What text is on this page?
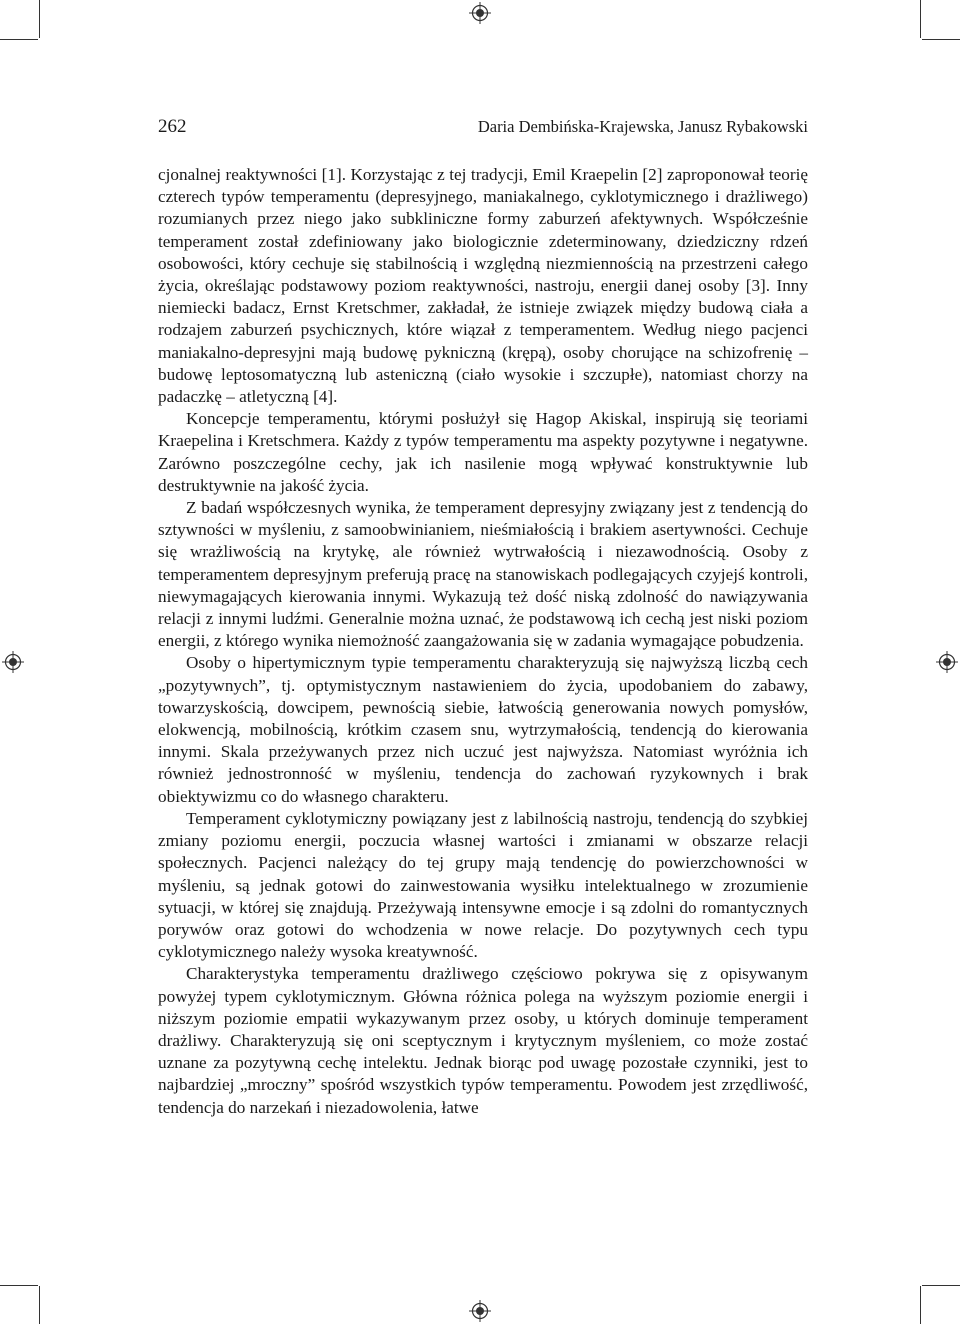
262	Daria Dembińska-Krajewska, Janusz Rybakowski

cjonalnej reaktywności [1]. Korzystając z tej tradycji, Emil Kraepelin [2] zaproponował teorię czterech typów temperamentu (depresyjnego, maniakalnego, cyklotymicznego i drażliwego) rozumianych przez niego jako subkliniczne formy zaburzeń afektywnych. Współcześnie temperament został zdefiniowany jako biologicznie zdeterminowany, dziedziczny rdzeń osobowości, który cechuje się stabilnością i względną niezmiennością na przestrzeni całego życia, określając podstawowy poziom reaktywności, nastroju, energii danej osoby [3]. Inny niemiecki badacz, Ernst Kretschmer, zakładał, że istnieje związek między budową ciała a rodzajem zaburzeń psychicznych, które wiązał z temperamentem. Według niego pacjenci maniakalno-depresyjni mają budowę pykniczną (krępą), osoby chorujące na schizofrenię – budowę leptosomatyczną lub asteniczną (ciało wysokie i szczupłe), natomiast chorzy na padaczkę – atletyczną [4].

Koncepcje temperamentu, którymi posłużył się Hagop Akiskal, inspirują się teoriami Kraepelina i Kretschmera. Każdy z typów temperamentu ma aspekty pozytywne i negatywne. Zarówno poszczególne cechy, jak ich nasilenie mogą wpływać konstruktywnie lub destruktywnie na jakość życia.

Z badań współczesnych wynika, że temperament depresyjny związany jest z tendencją do sztywności w myśleniu, z samoobwinianiem, nieśmiałością i brakiem asertywności. Cechuje się wrażliwością na krytykę, ale również wytrwałością i niezawodnością. Osoby z temperamentem depresyjnym preferują pracę na stanowiskach podlegających czyjejś kontroli, niewymagających kierowania innymi. Wykazują też dość niską zdolność do nawiązywania relacji z innymi ludźmi. Generalnie można uznać, że podstawową ich cechą jest niski poziom energii, z którego wynika niemożność zaangażowania się w zadania wymagające pobudzenia.

Osoby o hipertymicznym typie temperamentu charakteryzują się najwyższą liczbą cech „pozytywnych”, tj. optymistycznym nastawieniem do życia, upodobaniem do zabawy, towarzyskością, dowcipem, pewnością siebie, łatwością generowania nowych pomysłów, elokwencją, mobilnością, krótkim czasem snu, wytrzymałością, tendencją do kierowania innymi. Skala przeżywanych przez nich uczuć jest najwyższa. Natomiast wyróżnia ich również jednostronność w myśleniu, tendencja do zachowań ryzykownych i brak obiektywizmu co do własnego charakteru.

Temperament cyklotymiczny powiązany jest z labilnością nastroju, tendencją do szybkiej zmiany poziomu energii, poczucia własnej wartości i zmianami w obszarze relacji społecznych. Pacjenci należący do tej grupy mają tendencję do powierzchowności w myśleniu, są jednak gotowi do zainwestowania wysiłku intelektualnego w zrozumienie sytuacji, w której się znajdują. Przeżywają intensywne emocje i są zdolni do romantycznych porywów oraz gotowi do wchodzenia w nowe relacje. Do pozytywnych cech typu cyklotymicznego należy wysoka kreatywność.

Charakterystyka temperamentu drażliwego częściowo pokrywa się z opisywanym powyżej typem cyklotymicznym. Główna różnica polega na wyższym poziomie energii i niższym poziomie empatii wykazywanym przez osoby, u których dominuje temperament drażliwy. Charakteryzują się oni sceptycznym i krytycznym myśleniem, co może zostać uznane za pozytywną cechę intelektu. Jednak biorąc pod uwagę pozostałe czynniki, jest to najbardziej „mroczny” spośród wszystkich typów temperamentu. Powodem jest zrzędliwość, tendencja do narzekań i niezadowolenia, łatwe
